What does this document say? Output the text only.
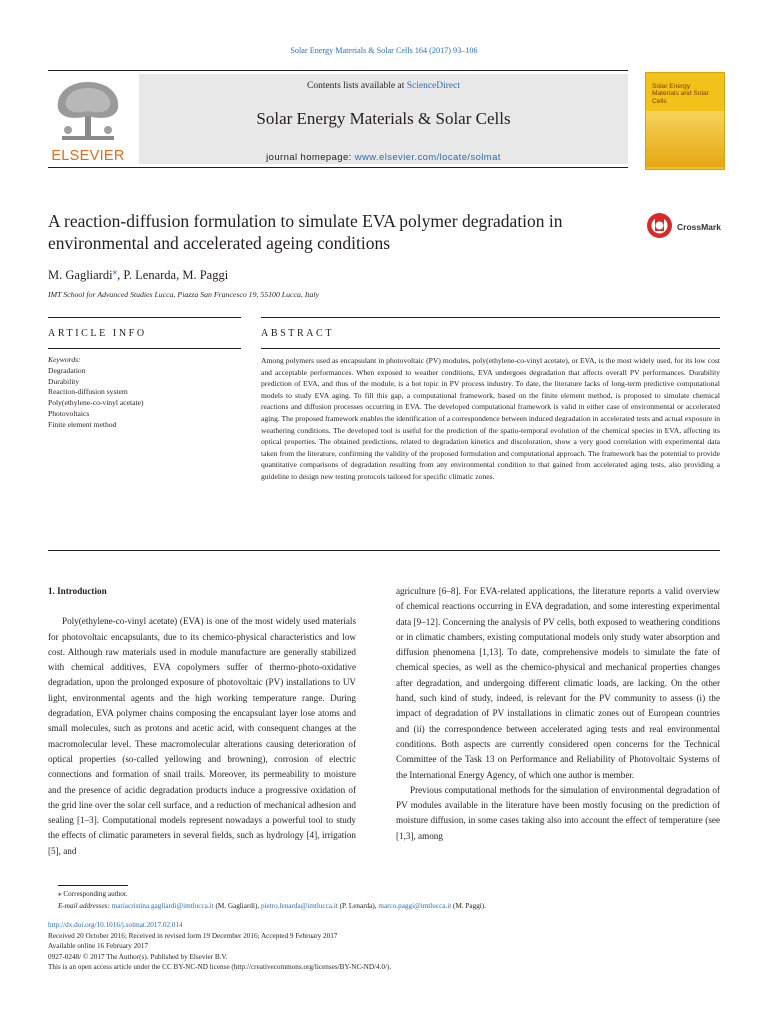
Solar Energy Materials & Solar Cells 164 (2017) 93–106
ELSEVIER
Contents lists available at ScienceDirect
Solar Energy Materials & Solar Cells
journal homepage: www.elsevier.com/locate/solmat
Solar Energy Materials and Solar Cells
A reaction-diffusion formulation to simulate EVA polymer degradation in environmental and accelerated ageing conditions
CrossMark
M. Gagliardi⁎, P. Lenarda, M. Paggi
IMT School for Advanced Studies Lucca, Piazza San Francesco 19, 55100 Lucca, Italy
ARTICLE INFO	ABSTRACT
Keywords:
Degradation
Durability
Reaction-diffusion system
Poly(ethylene-co-vinyl acetate)
Photovoltaics
Finite element method
Among polymers used as encapsulant in photovoltaic (PV) modules, poly(ethylene-co-vinyl acetate), or EVA, is the most widely used, for its low cost and acceptable performances. When exposed to weather conditions, EVA undergoes degradation that affects overall PV performances. Durability prediction of EVA, and thus of the module, is a hot topic in PV process industry. To date, the literature lacks of long-term predictive computational models to study EVA aging. To fill this gap, a computational framework, based on the finite element method, is proposed to simulate chemical reactions and diffusion processes occurring in EVA. The developed computational framework is valid in either case of environmental or accelerated aging. The proposed framework enables the identification of a correspondence between induced degradation in accelerated tests and actual exposure in weathering conditions. The developed tool is useful for the prediction of the spatio-temporal evolution of the chemical species in EVA, affecting its optical properties. The obtained predictions, related to degradation kinetics and discoloration, show a very good correlation with experimental data taken from the literature, confirming the validity of the proposed formulation and computational approach. The framework has the potential to provide quantitative comparisons of degradation resulting from any environmental condition to that gained from accelerated aging tests, also providing a guideline to design new testing protocols tailored for specific climatic zones.
1. Introduction

Poly(ethylene-co-vinyl acetate) (EVA) is one of the most widely used materials for photovoltaic encapsulants, due to its chemico-physical characteristics and low cost. Although raw materials used in module manufacture are generally stabilized with chemical additives, EVA copolymers suffer of thermo-photo-oxidative degradation, upon the prolonged exposure of photovoltaic (PV) installations to UV light, environmental agents and the high working temperature range. During degradation, EVA polymer chains composing the encapsulant layer lose atoms and small molecules, such as protons and acetic acid, with consequent changes at the macromolecular level. These macromolecular alterations causing deterioration of optical properties (so-called yellowing and browning), corrosion of electric connections and formation of snail trails. Moreover, its permeability to moisture and the presence of acidic degradation products induce a progressive oxidation of the grid line over the solar cell surface, and a reduction of mechanical adhesion and sealing [1–3]. Computational models represent nowadays a powerful tool to study the effects of climatic parameters in several fields, such as hydrology [4], irrigation [5], and

agriculture [6–8]. For EVA-related applications, the literature reports a valid overview of chemical reactions occurring in EVA degradation, and some interesting experimental data [9–12]. Concerning the analysis of PV cells, both exposed to weathering conditions or in climatic chambers, existing computational models only study water absorption and diffusion phenomena [1,13]. To date, comprehensive models to simulate the fate of chemical species, as well as the chemico-physical and mechanical properties changes after degradation, and undergoing different climatic loads, are lacking. On the other hand, such kind of study, indeed, is relevant for the PV community to assess (i) the impact of degradation of PV installations in climatic zones out of European countries and (ii) the correspondence between accelerated aging tests and real environmental conditions. Both aspects are currently considered open concerns for the Technical Committee of the Task 13 on Performance and Reliability of Photovoltaic Systems of the International Energy Agency, of which one author is member.

Previous computational methods for the simulation of environmental degradation of PV modules available in the literature have been mostly focusing on the prediction of moisture diffusion, in some cases taking also into account the effect of temperature (see [1,3], among

⁎ Corresponding author.
E-mail addresses: mariacristina.gagliardi@imtlucca.it (M. Gagliardi), pietro.lenarda@imtlucca.it (P. Lenarda), marco.paggi@imtlucca.it (M. Paggi).
http://dx.doi.org/10.1016/j.solmat.2017.02.014
Received 20 October 2016; Received in revised form 19 December 2016; Accepted 9 February 2017
Available online 16 February 2017
0927-0248/ © 2017 The Author(s). Published by Elsevier B.V.
This is an open access article under the CC BY-NC-ND license (http://creativecommons.org/licenses/BY-NC-ND/4.0/).
